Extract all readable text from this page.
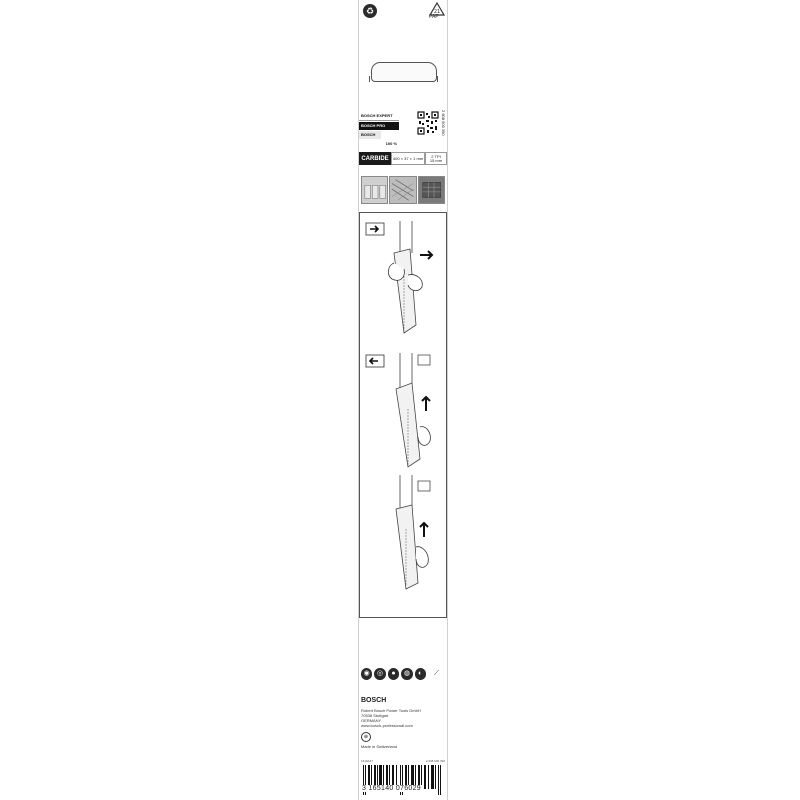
♻	21
PAP
BOSCH EXPERT
BOSCH PRO
BOSCH
100 %
2 608 900 390
CARBIDE	400 × 37 × 1 mm	2 TPI
15 mm
◉	◎	●	◍	◐	⟋
BOSCH
Robert Bosch Power Tools GmbH
70538 Stuttgart
GERMANY
www.bosch-professional.com
⊕
Made in Switzerland
1619A37	2 608 900 390
3 165140 076029
